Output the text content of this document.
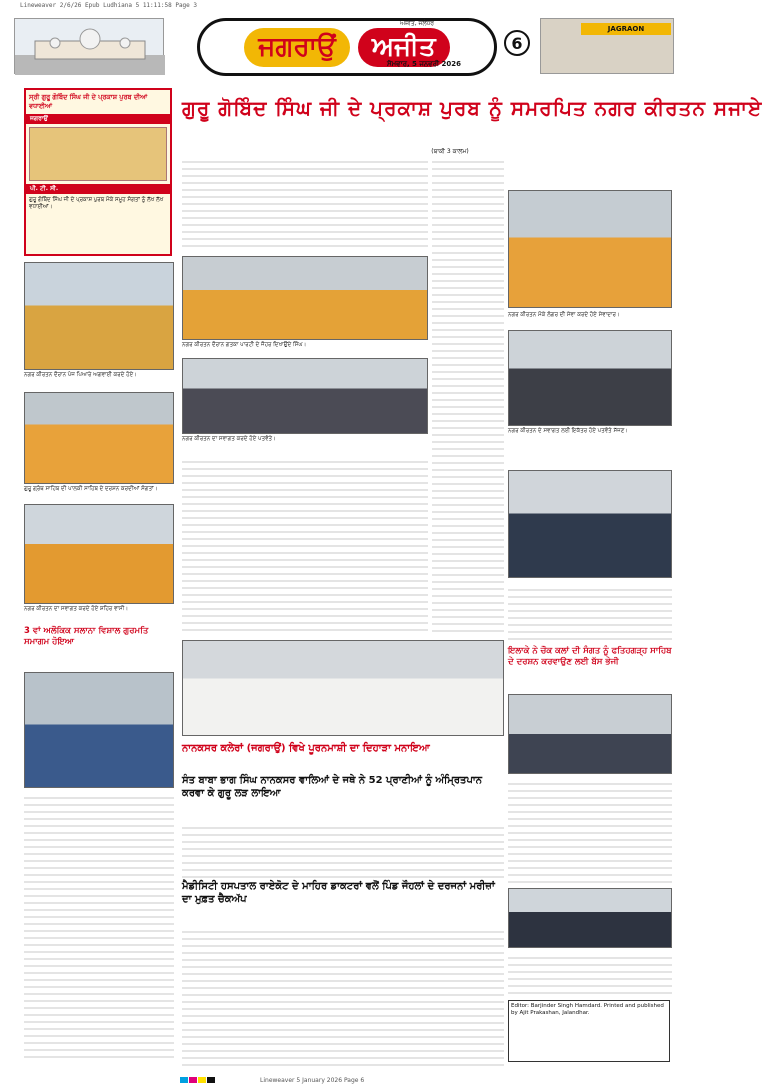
Lineweaver 2/6/26 Epub Ludhiana 5 11:11:58 Page 3
ਜਗਰਾਉਂ	ਅਜੀਤ
ਅਜੀਤ, ਜਲੰਧਰ
ਸੋਮਵਾਰ, 5 ਜਨਵਰੀ 2026
6
JAGRAON
ਸ੍ਰੀ ਗੁਰੂ ਗੋਬਿੰਦ ਸਿੰਘ ਜੀ ਦੇ ਪ੍ਰਕਾਸ਼ ਪੁਰਬ ਦੀਆਂ ਵਧਾਈਆਂ
ਜਗਰਾਉਂ
ਪੀ. ਟੀ. ਸੀ.
ਗੁਰੂ ਗੋਬਿੰਦ ਸਿੰਘ ਜੀ ਦੇ ਪ੍ਰਕਾਸ਼ ਪੁਰਬ ਮੌਕੇ ਸਮੂਹ ਸੰਗਤਾਂ ਨੂੰ ਲੱਖ ਲੱਖ ਵਧਾਈਆਂ।
ਗੁਰੂ ਗੋਬਿੰਦ ਸਿੰਘ ਜੀ ਦੇ ਪ੍ਰਕਾਸ਼ ਪੁਰਬ ਨੂੰ ਸਮਰਪਿਤ ਨਗਰ ਕੀਰਤਨ ਸਜਾਏ
(ਬਾਕੀ 3 ਕਾਲਮ)
ਨਗਰ ਕੀਰਤਨ ਦੌਰਾਨ ਪੰਜ ਪਿਆਰੇ ਅਗਵਾਈ ਕਰਦੇ ਹੋਏ।
ਗੁਰੂ ਗ੍ਰੰਥ ਸਾਹਿਬ ਦੀ ਪਾਲਕੀ ਸਾਹਿਬ ਦੇ ਦਰਸ਼ਨ ਕਰਦੀਆਂ ਸੰਗਤਾਂ।
ਨਗਰ ਕੀਰਤਨ ਦਾ ਸਵਾਗਤ ਕਰਦੇ ਹੋਏ ਸ਼ਹਿਰ ਵਾਸੀ।
3 ਵਾਂ ਅਲੌਕਿਕ ਸਲਾਨਾ ਵਿਸ਼ਾਲ ਗੁਰਮਤਿ ਸਮਾਗਮ ਹੋਇਆ
ਨਗਰ ਕੀਰਤਨ ਦੌਰਾਨ ਗਤਕਾ ਪਾਰਟੀ ਦੇ ਜੌਹਰ ਦਿਖਾਉਂਦੇ ਸਿੰਘ।
ਨਗਰ ਕੀਰਤਨ ਦਾ ਸਵਾਗਤ ਕਰਦੇ ਹੋਏ ਪਤਵੰਤੇ।
ਨਗਰ ਕੀਰਤਨ ਮੌਕੇ ਲੰਗਰ ਦੀ ਸੇਵਾ ਕਰਦੇ ਹੋਏ ਸੇਵਾਦਾਰ।
ਨਗਰ ਕੀਰਤਨ ਦੇ ਸਵਾਗਤ ਲਈ ਇਕੱਤਰ ਹੋਏ ਪਤਵੰਤੇ ਸੱਜਣ।
ਇਲਾਕੇ ਨੇ ਚੌਕ ਕਲਾਂ ਦੀ ਸੰਗਤ ਨੂੰ ਫਤਿਹਗੜ੍ਹ ਸਾਹਿਬ ਦੇ ਦਰਸ਼ਨ ਕਰਵਾਉਣ ਲਈ ਬੱਸ ਭੇਜੀ
Editor: Barjinder Singh Hamdard. Printed and published by Ajit Prakashan, Jalandhar.
ਨਾਨਕਸਰ ਕਲੇਰਾਂ (ਜਗਰਾਉਂ) ਵਿਖੇ ਪੂਰਨਮਾਸ਼ੀ ਦਾ ਦਿਹਾੜਾ ਮਨਾਇਆ
ਸੰਤ ਬਾਬਾ ਭਾਗ ਸਿੰਘ ਨਾਨਕਸਰ ਵਾਲਿਆਂ ਦੇ ਜਥੇ ਨੇ 52 ਪ੍ਰਾਣੀਆਂ ਨੂੰ ਅੰਮ੍ਰਿਤਪਾਨ ਕਰਵਾ ਕੇ ਗੁਰੂ ਲੜ ਲਾਇਆ
ਮੈਡੀਸਿਟੀ ਹਸਪਤਾਲ ਰਾਏਕੋਟ ਦੇ ਮਾਹਿਰ ਡਾਕਟਰਾਂ ਵਲੋਂ ਪਿੰਡ ਜੌਹਲਾਂ ਦੇ ਦਰਜਨਾਂ ਮਰੀਜ਼ਾਂ ਦਾ ਮੁਫ਼ਤ ਚੈਕਅੱਪ
Lineweaver 5 January 2026 Page 6
